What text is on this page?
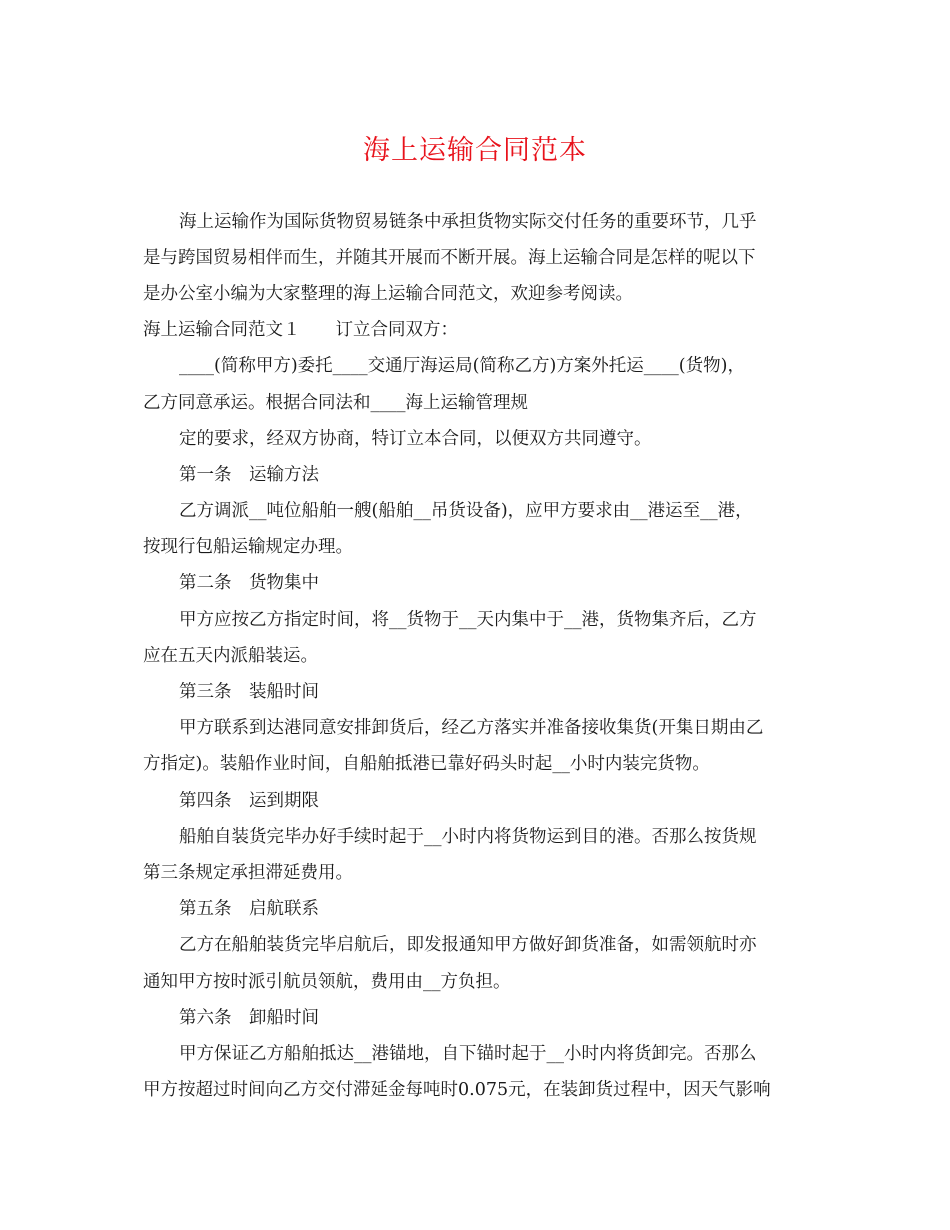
海上运输合同范本
海上运输作为国际货物贸易链条中承担货物实际交付任务的重要环节，几乎
是与跨国贸易相伴而生，并随其开展而不断开展。海上运输合同是怎样的呢以下
是办公室小编为大家整理的海上运输合同范文，欢迎参考阅读。
海上运输合同范文１　　订立合同双方：
____(简称甲方)委托____交通厅海运局(简称乙方)方案外托运____(货物)，
乙方同意承运。根据合同法和____海上运输管理规
定的要求，经双方协商，特订立本合同，以便双方共同遵守。
第一条　运输方法
乙方调派__吨位船舶一艘(船舶__吊货设备)，应甲方要求由__港运至__港，
按现行包船运输规定办理。
第二条　货物集中
甲方应按乙方指定时间，将__货物于__天内集中于__港，货物集齐后，乙方
应在五天内派船装运。
第三条　装船时间
甲方联系到达港同意安排卸货后，经乙方落实并准备接收集货(开集日期由乙
方指定)。装船作业时间，自船舶抵港已靠好码头时起__小时内装完货物。
第四条　运到期限
船舶自装货完毕办好手续时起于__小时内将货物运到目的港。否那么按货规
第三条规定承担滞延费用。
第五条　启航联系
乙方在船舶装货完毕启航后，即发报通知甲方做好卸货准备，如需领航时亦
通知甲方按时派引航员领航，费用由__方负担。
第六条　卸船时间
甲方保证乙方船舶抵达__港锚地，自下锚时起于__小时内将货卸完。否那么
甲方按超过时间向乙方交付滞延金每吨时0.075元，在装卸货过程中，因天气影响
